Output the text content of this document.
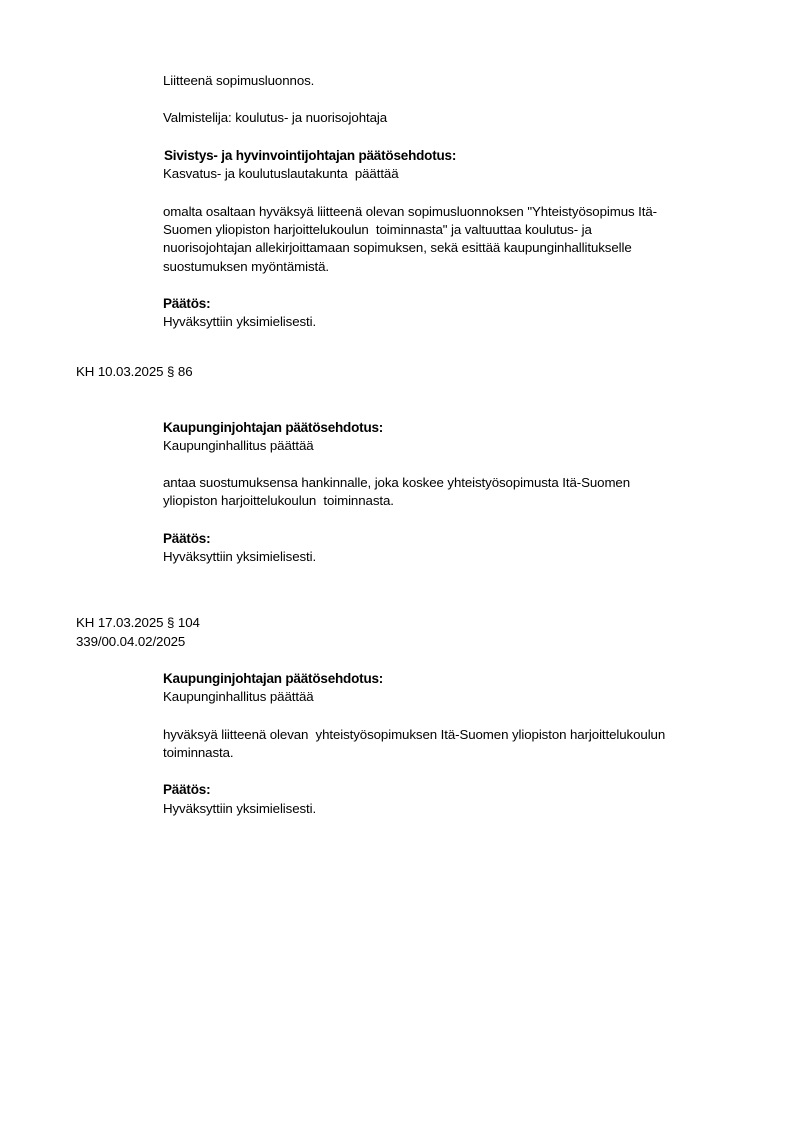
Liitteenä sopimusluonnos.
Valmistelija: koulutus- ja nuorisojohtaja
Sivistys- ja hyvinvointijohtajan päätösehdotus:
Kasvatus- ja koulutuslautakunta  päättää
omalta osaltaan hyväksyä liitteenä olevan sopimusluonnoksen "Yhteistyösopimus Itä-
Suomen yliopiston harjoittelukoulun  toiminnasta" ja valtuuttaa koulutus- ja
nuorisojohtajan allekirjoittamaan sopimuksen, sekä esittää kaupunginhallitukselle
suostumuksen myöntämistä.
Päätös:
Hyväksyttiin yksimielisesti.
KH 10.03.2025 § 86
Kaupunginjohtajan päätösehdotus:
Kaupunginhallitus päättää
antaa suostumuksensa hankinnalle, joka koskee yhteistyösopimusta Itä-Suomen
yliopiston harjoittelukoulun  toiminnasta.
Päätös:
Hyväksyttiin yksimielisesti.
KH 17.03.2025 § 104
339/00.04.02/2025
Kaupunginjohtajan päätösehdotus:
Kaupunginhallitus päättää
hyväksyä liitteenä olevan  yhteistyösopimuksen Itä-Suomen yliopiston harjoittelukoulun
toiminnasta.
Päätös:
Hyväksyttiin yksimielisesti.
